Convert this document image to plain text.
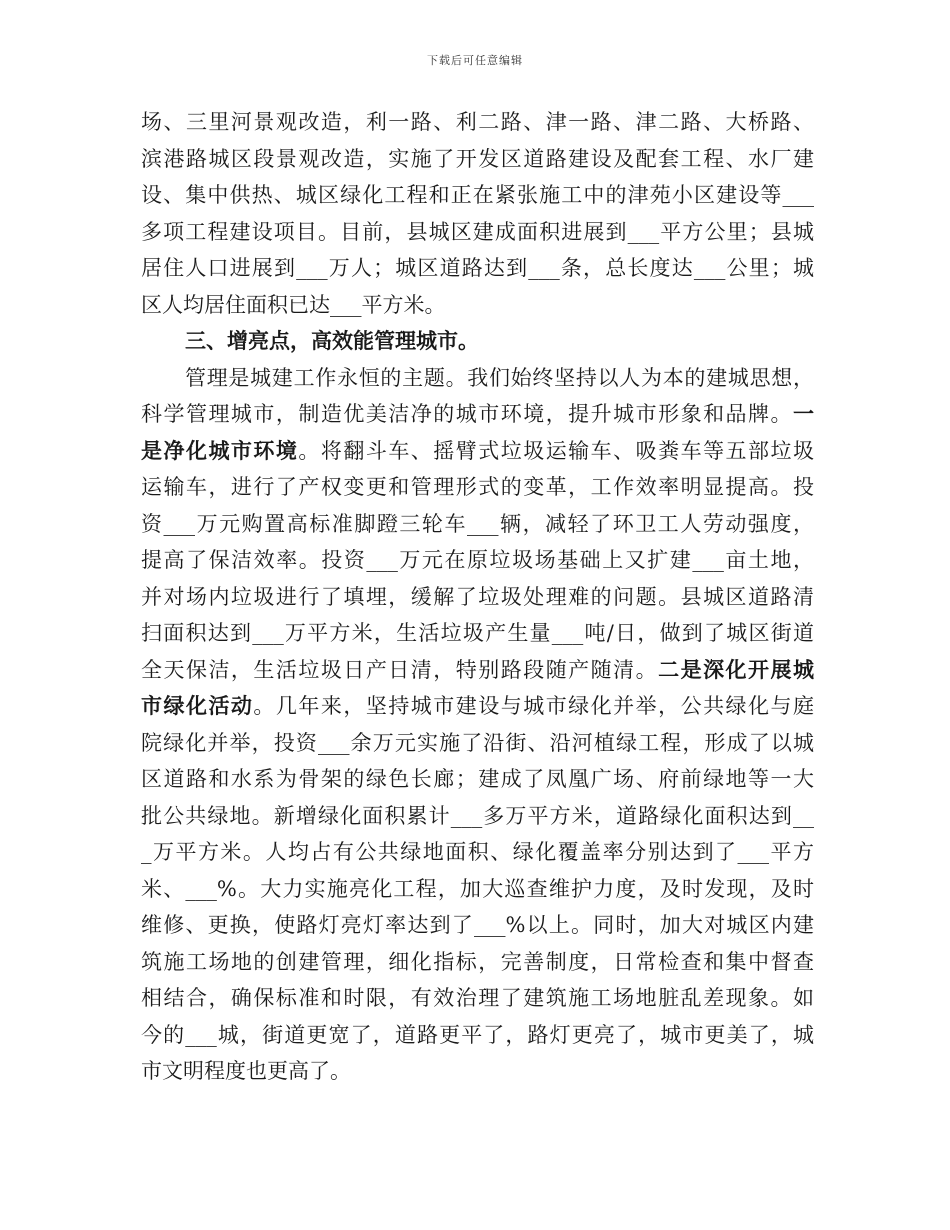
下载后可任意编辑
场、三里河景观改造，利一路、利二路、津一路、津二路、大桥路、
滨港路城区段景观改造，实施了开发区道路建设及配套工程、水厂建
设、集中供热、城区绿化工程和正在紧张施工中的津苑小区建设等___
多项工程建设项目。目前，县城区建成面积进展到___平方公里；县城
居住人口进展到___万人；城区道路达到___条，总长度达___公里；城
区人均居住面积已达___平方米。
三、增亮点，高效能管理城市。
管理是城建工作永恒的主题。我们始终坚持以人为本的建城思想，
科学管理城市，制造优美洁净的城市环境，提升城市形象和品牌。一
是净化城市环境。将翻斗车、摇臂式垃圾运输车、吸粪车等五部垃圾
运输车，进行了产权变更和管理形式的变革，工作效率明显提高。投
资___万元购置高标准脚蹬三轮车___辆，减轻了环卫工人劳动强度，
提高了保洁效率。投资___万元在原垃圾场基础上又扩建___亩土地，
并对场内垃圾进行了填埋，缓解了垃圾处理难的问题。县城区道路清
扫面积达到___万平方米，生活垃圾产生量___吨/日，做到了城区街道
全天保洁，生活垃圾日产日清，特别路段随产随清。二是深化开展城
市绿化活动。几年来，坚持城市建设与城市绿化并举，公共绿化与庭
院绿化并举，投资___余万元实施了沿街、沿河植绿工程，形成了以城
区道路和水系为骨架的绿色长廊；建成了凤凰广场、府前绿地等一大
批公共绿地。新增绿化面积累计___多万平方米，道路绿化面积达到__
_万平方米。人均占有公共绿地面积、绿化覆盖率分别达到了___平方
米、___%。大力实施亮化工程，加大巡查维护力度，及时发现，及时
维修、更换，使路灯亮灯率达到了___%以上。同时，加大对城区内建
筑施工场地的创建管理，细化指标，完善制度，日常检查和集中督查
相结合，确保标准和时限，有效治理了建筑施工场地脏乱差现象。如
今的___城，街道更宽了，道路更平了，路灯更亮了，城市更美了，城
市文明程度也更高了。
